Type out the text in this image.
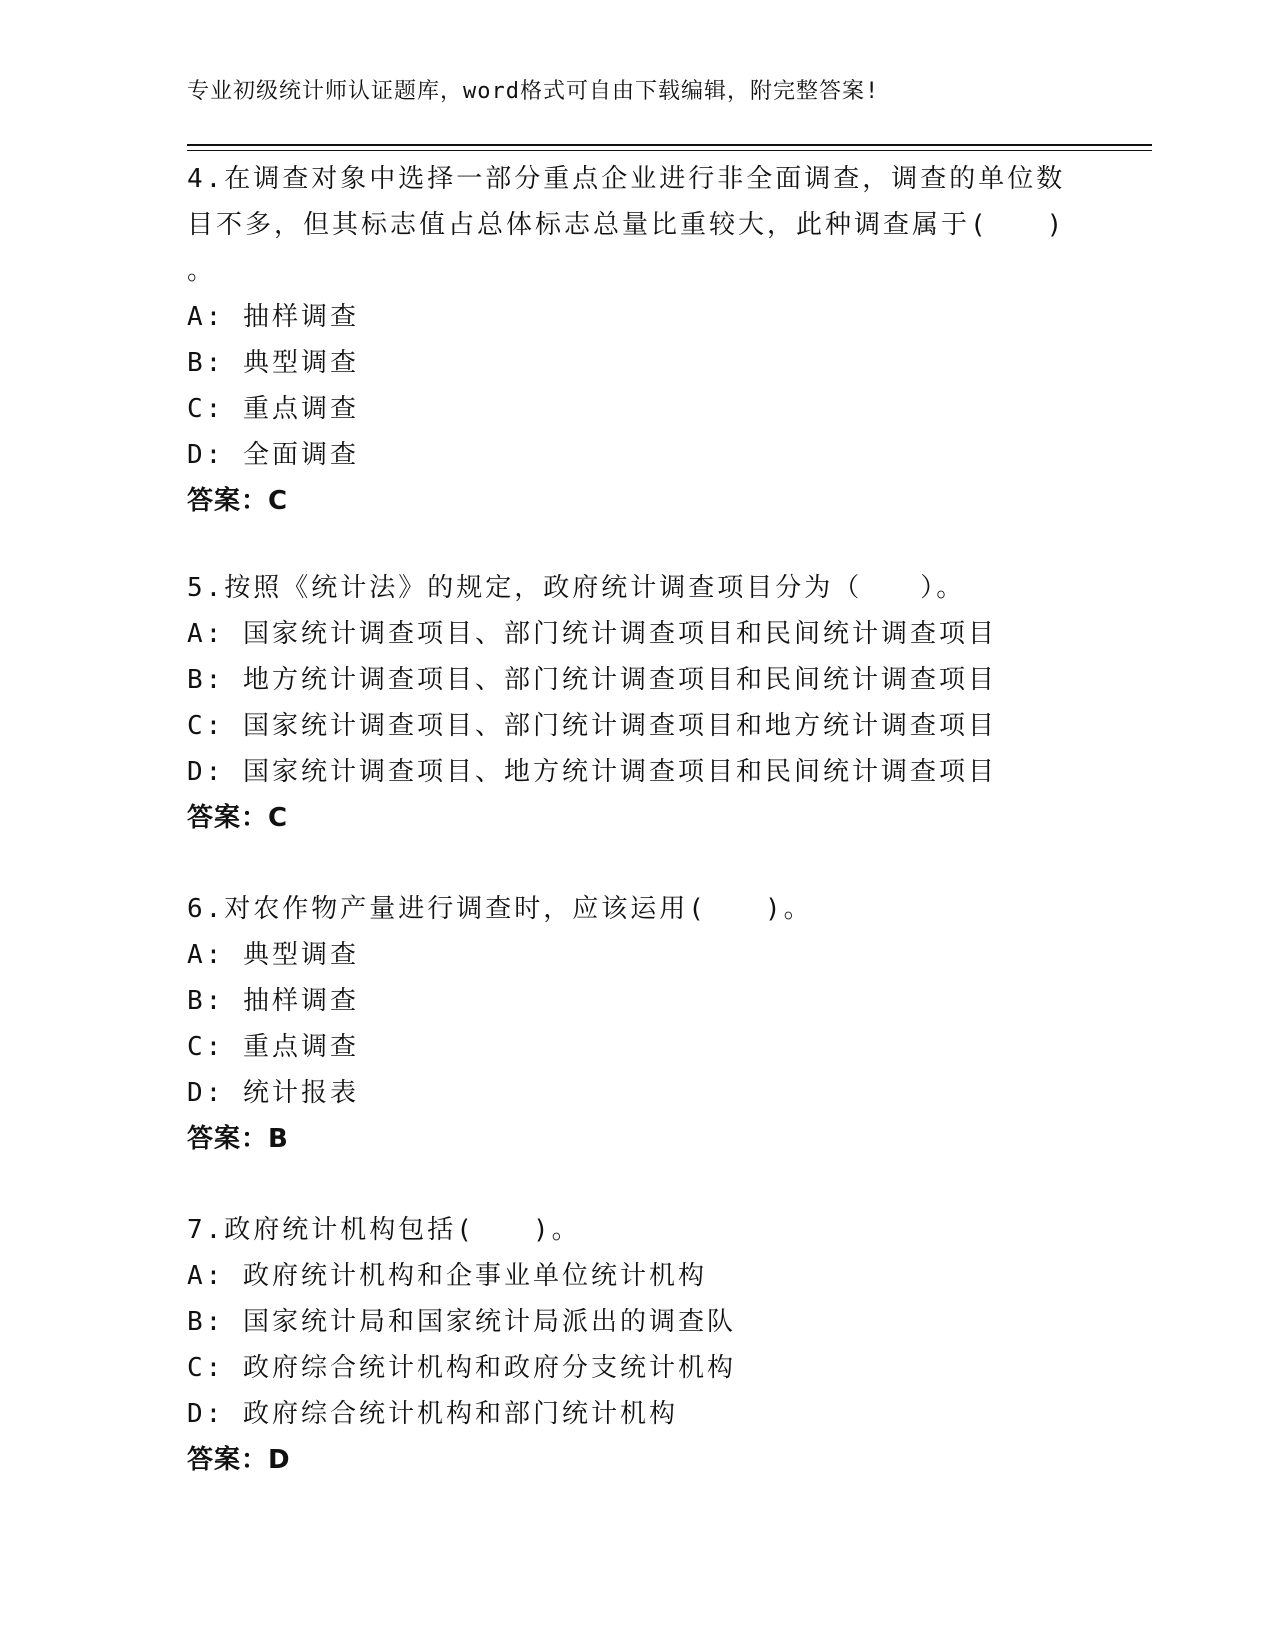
专业初级统计师认证题库，word格式可自由下载编辑，附完整答案!

4.在调查对象中选择一部分重点企业进行非全面调查，调查的单位数

目不多，但其标志值占总体标志总量比重较大，此种调查属于(　　)

。

A: 抽样调查

B: 典型调查

C: 重点调查

D: 全面调查

答案：C

5.按照《统计法》的规定，政府统计调查项目分为（　　）。

A: 国家统计调查项目、部门统计调查项目和民间统计调查项目

B: 地方统计调查项目、部门统计调查项目和民间统计调查项目

C: 国家统计调查项目、部门统计调查项目和地方统计调查项目

D: 国家统计调查项目、地方统计调查项目和民间统计调查项目

答案：C

6.对农作物产量进行调查时，应该运用(　　)。

A: 典型调查

B: 抽样调查

C: 重点调查

D: 统计报表

答案：B

7.政府统计机构包括(　　)。

A: 政府统计机构和企事业单位统计机构

B: 国家统计局和国家统计局派出的调查队

C: 政府综合统计机构和政府分支统计机构

D: 政府综合统计机构和部门统计机构

答案：D
